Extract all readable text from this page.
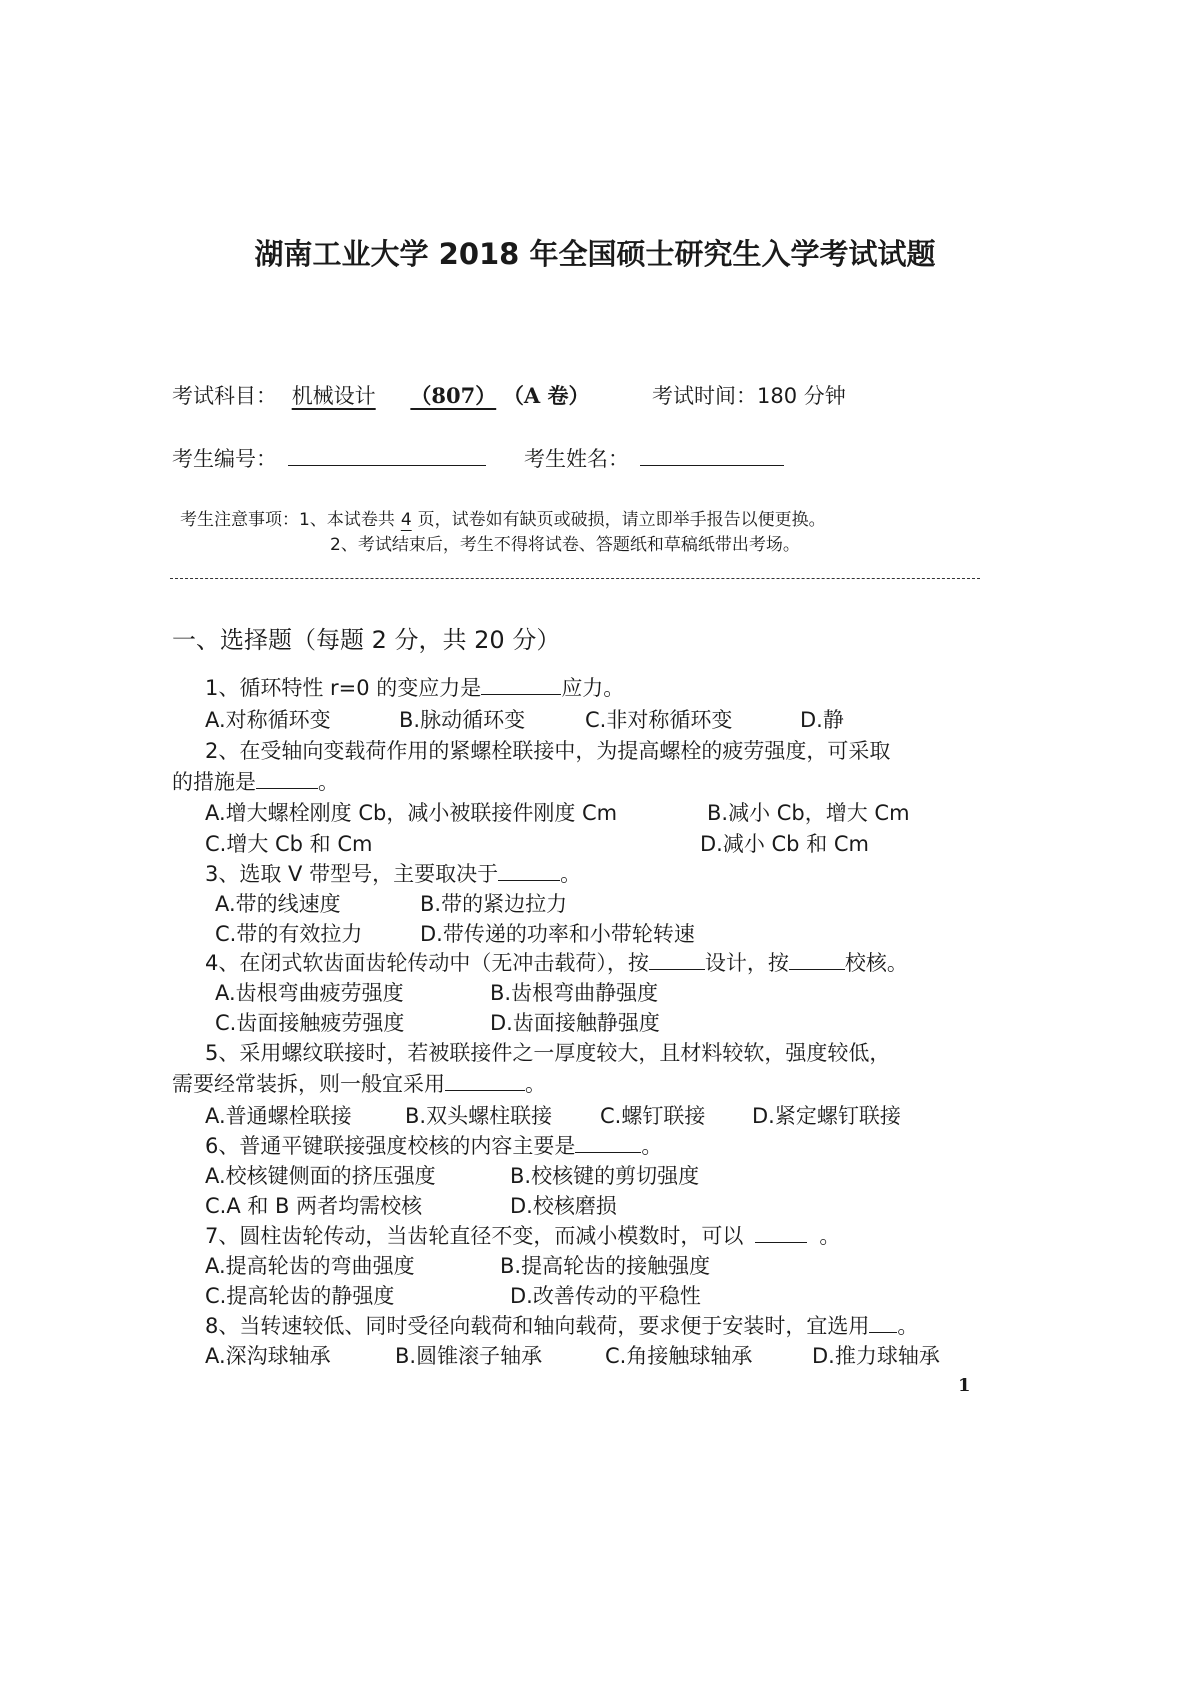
湖南工业大学 2018 年全国硕士研究生入学考试试题
考试科目： 机械设计 （807） （A 卷）	考试时间：180 分钟
考生编号：	考生姓名：
考生注意事项：1、本试卷共 4 页，试卷如有缺页或破损，请立即举手报告以便更换。
2、考试结束后，考生不得将试卷、答题纸和草稿纸带出考场。
一、选择题（每题 2 分，共 20 分）
1、循环特性 r=0 的变应力是	应力。
A.对称循环变	B.脉动循环变	C.非对称循环变	D.静
2、在受轴向变载荷作用的紧螺栓联接中，为提高螺栓的疲劳强度，可采取
的措施是	。
A.增大螺栓刚度 Cb，减小被联接件刚度 Cm	B.减小 Cb，增大 Cm
C.增大 Cb 和 Cm	D.减小 Cb 和 Cm
3、选取 V 带型号，主要取决于	。
A.带的线速度	B.带的紧边拉力
C.带的有效拉力	D.带传递的功率和小带轮转速
4、在闭式软齿面齿轮传动中（无冲击载荷），按	设计，按	校核。
A.齿根弯曲疲劳强度	B.齿根弯曲静强度
C.齿面接触疲劳强度	D.齿面接触静强度
5、采用螺纹联接时，若被联接件之一厚度较大，且材料较软，强度较低，
需要经常装拆，则一般宜采用	。
A.普通螺栓联接	B.双头螺柱联接 C.螺钉联接 D.紧定螺钉联接
6、普通平键联接强度校核的内容主要是	。
A.校核键侧面的挤压强度	B.校核键的剪切强度
C.A 和 B 两者均需校核	D.校核磨损
7、圆柱齿轮传动，当齿轮直径不变，而减小模数时，可以	。
A.提高轮齿的弯曲强度	B.提高轮齿的接触强度
C.提高轮齿的静强度	D.改善传动的平稳性
8、当转速较低、同时受径向载荷和轴向载荷，要求便于安装时，宜选用 。
A.深沟球轴承	B.圆锥滚子轴承	C.角接触球轴承	D.推力球轴承
1
